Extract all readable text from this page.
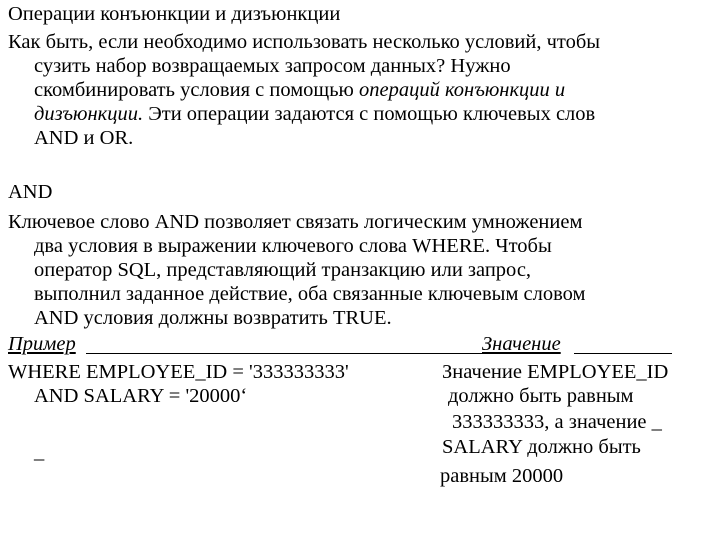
Операции конъюнкции и дизъюнкции
Как быть, если необходимо использовать несколько условий, чтобы
сузить набор возвращаемых запросом данных? Нужно
скомбинировать условия с помощью операций конъюнкции и
дизъюнкции. Эти операции задаются с помощью ключевых слов
AND и OR.
AND
Ключевое слово AND позволяет связать логическим умножением
два условия в выражении ключевого слова WHERE. Чтобы
оператор SQL, представляющий транзакцию или запрос,
выполнил заданное действие, оба связанные ключевым словом
AND условия должны возвратить TRUE.
Пример	Значение
WHERE EMPLOYEE_ID = '333333333'
AND SALARY = '20000‘
_
Значение EMPLOYEE_ID
должно быть равным
333333333, а значение _
SALARY должно быть
равным 20000
